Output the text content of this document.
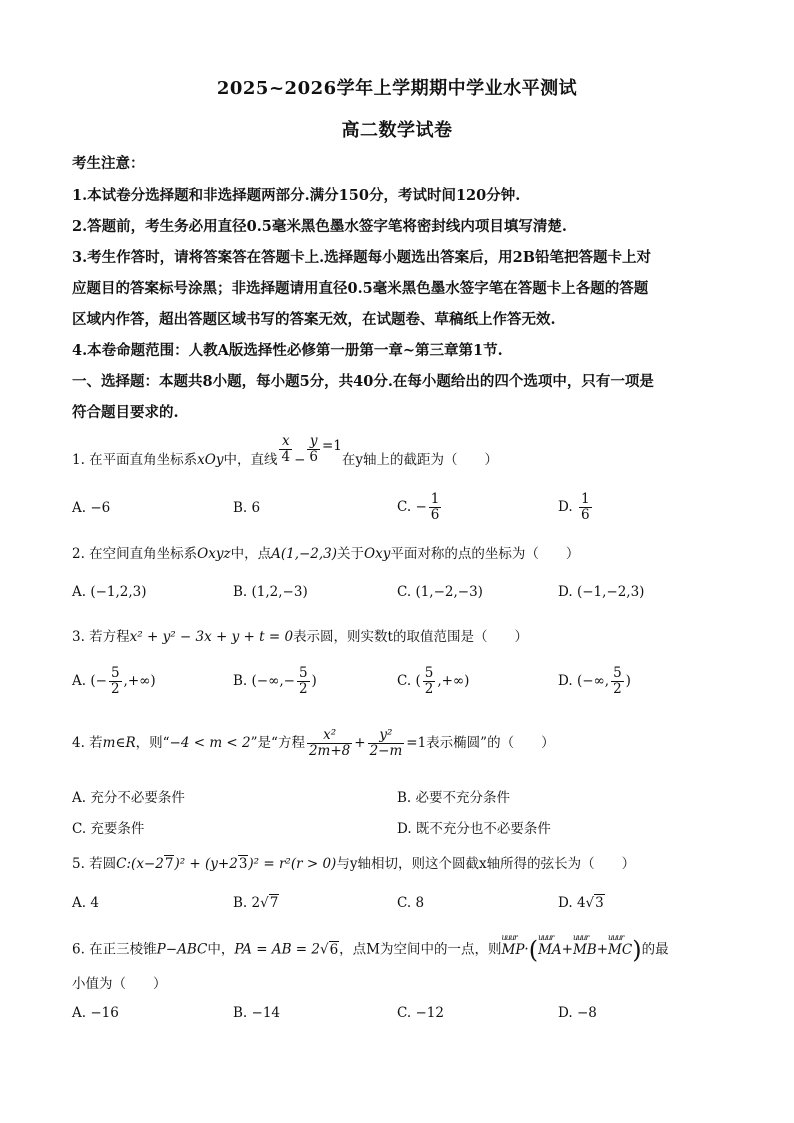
2025~2026学年上学期期中学业水平测试
高二数学试卷
考生注意：
1.本试卷分选择题和非选择题两部分.满分150分，考试时间120分钟.
2.答题前，考生务必用直径0.5毫米黑色墨水签字笔将密封线内项目填写清楚.
3.考生作答时，请将答案答在答题卡上.选择题每小题选出答案后，用2B铅笔把答题卡上对
应题目的答案标号涂黑；非选择题请用直径0.5毫米黑色墨水签字笔在答题卡上各题的答题
区域内作答，超出答题区域书写的答案无效，在试题卷、草稿纸上作答无效.
4.本卷命题范围：人教A版选择性必修第一册第一章~第三章第1节.
一、选择题：本题共8小题，每小题5分，共40分.在每小题给出的四个选项中，只有一项是
符合题目要求的.
1. 在平面直角坐标系xOy中，直线 $\frac{x}{4} - \frac{y}{6} =1$在y轴上的截距为（　　）
A. −6	B. 6	C. − $\frac{1}{6}$	D. $\frac{1}{6}$
2. 在空间直角坐标系Oxyz中，点A(1,−2,3)关于Oxy平面对称的点的坐标为（　　）
A. (−1,2,3)	B. (1,2,−3)	C. (1,−2,−3)	D. (−1,−2,3)
3. 若方程x² + y² − 3x + y + t = 0表示圆，则实数t的取值范围是（　　）
A. (− $\frac{5}{2}$ ,+∞)	B. (−∞,− $\frac{5}{2}$ )	C. ( $\frac{5}{2}$ ,+∞)	D. (−∞, $\frac{5}{2}$ )
4. 若m∈R，则“−4 < m < 2”是“方程 $\frac{\text{x²}}{2m+8} + \frac{\text{y²}}{2-m} =1$表示椭圆”的（　　）
A. 充分不必要条件	B. 必要不充分条件
C. 充要条件	D. 既不充分也不必要条件
5. 若圆C:(x−27)² + (y+23)² = r²(r > 0)与y轴相切，则这个圆截x轴所得的弦长为（　　）
A. 4	B. 2√7	C. 8	D. 4√3
6. 在正三棱锥P−ABC中，PA = AB = 2√6，点M为空间中的一点，则uuur MP·(uuur MA+uuur MB+uuur MC)的最
小值为（　　）
A. −16	B. −14	C. −12	D. −8
